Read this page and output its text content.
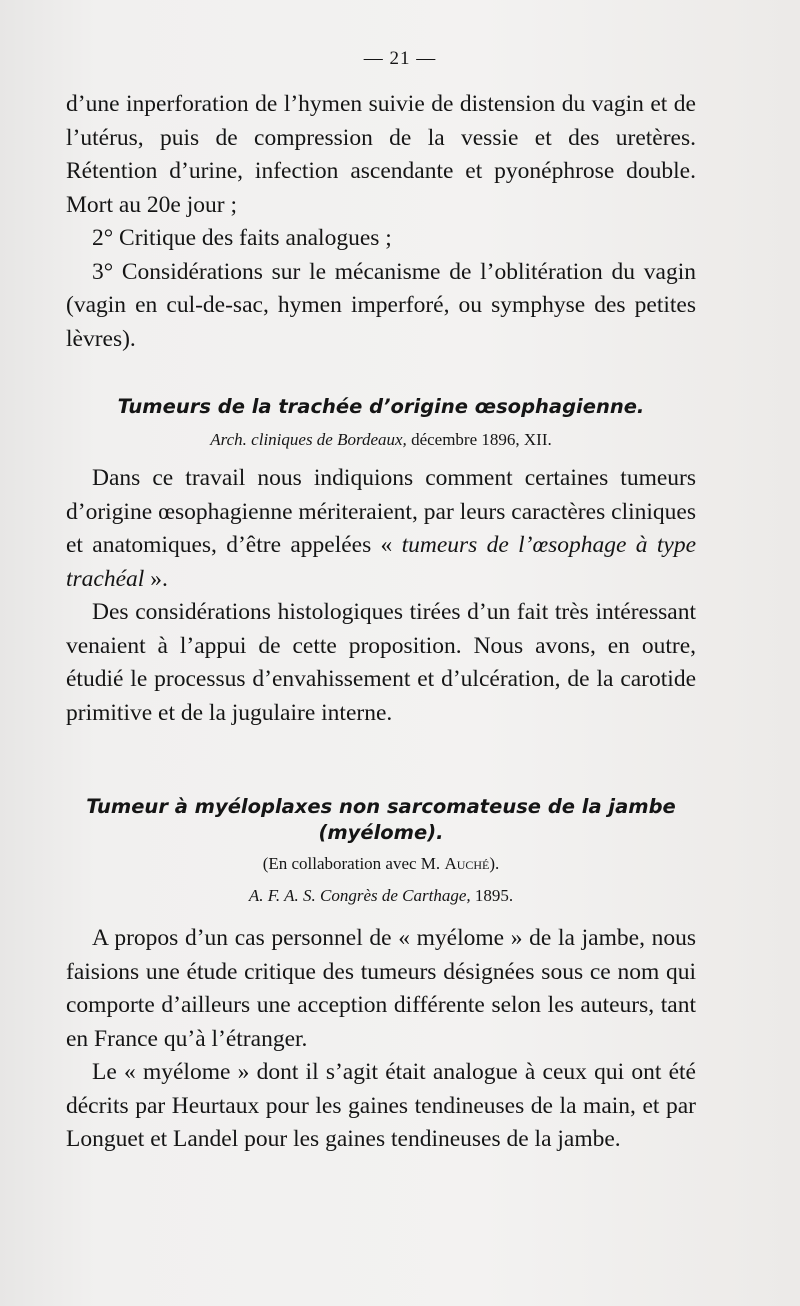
— 21 —

d’une inperforation de l’hymen suivie de distension du vagin et de l’utérus, puis de compression de la vessie et des uretères. Rétention d’urine, infection ascendante et pyonéphrose double. Mort au 20e jour ;

2° Critique des faits analogues ;

3° Considérations sur le mécanisme de l’oblitération du vagin (vagin en cul-de-sac, hymen imperforé, ou symphyse des petites lèvres).

Tumeurs de la trachée d’origine œsophagienne.
Arch. cliniques de Bordeaux, décembre 1896, XII.

Dans ce travail nous indiquions comment certaines tumeurs d’origine œsophagienne mériteraient, par leurs caractères cliniques et anatomiques, d’être appelées « tumeurs de l’œsophage à type trachéal ».

Des considérations histologiques tirées d’un fait très intéressant venaient à l’appui de cette proposition. Nous avons, en outre, étudié le processus d’envahissement et d’ulcération, de la carotide primitive et de la jugulaire interne.

Tumeur à myéloplaxes non sarcomateuse de la jambe
(myélome).
(En collaboration avec M. Auché).
A. F. A. S. Congrès de Carthage, 1895.

A propos d’un cas personnel de « myélome » de la jambe, nous faisions une étude critique des tumeurs désignées sous ce nom qui comporte d’ailleurs une acception différente selon les auteurs, tant en France qu’à l’étranger.

Le « myélome » dont il s’agit était analogue à ceux qui ont été décrits par Heurtaux pour les gaines tendineuses de la main, et par Longuet et Landel pour les gaines tendineuses de la jambe.
